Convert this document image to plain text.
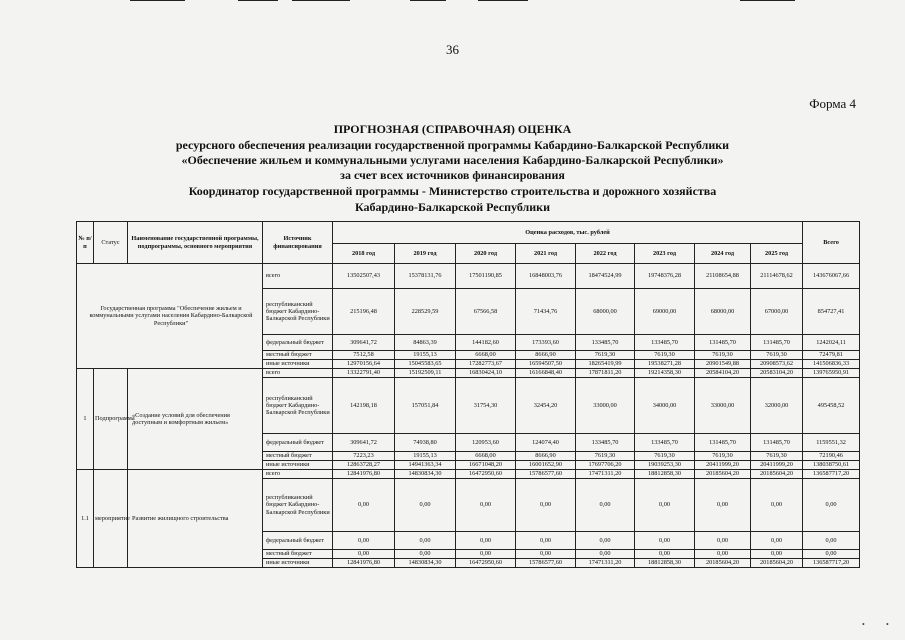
36
Форма 4
ПРОГНОЗНАЯ (СПРАВОЧНАЯ) ОЦЕНКА
ресурсного обеспечения реализации государственной программы Кабардино-Балкарской Республики
«Обеспечение жильем и коммунальными услугами населения Кабардино-Балкарской Республики»
за счет всех источников финансирования
Координатор государственной программы - Министерство строительства и дорожного хозяйства
Кабардино-Балкарской Республики
№ п/п	Статус	Наименование государственной программы, подпрограммы, основного мероприятия	Источник финансирования	Оценка расходов, тыс. рублей								Всего
				2018 год	2019 год	2020 год	2021 год	2022 год	2023 год	2024 год	2025 год	
Государственная программа "Обеспечение жильем и коммунальными услугами населения Кабардино-Балкарской Республики"			всего	13502507,43	15378131,76	17501190,85	16848003,76	18474524,99	19748376,28	21108654,88	21114678,62	143676067,66
			республиканский бюджет Кабардино-Балкарской Республики	215196,48	228529,59	67566,58	71434,76	68000,00	69000,00	68000,00	67000,00	854727,41
			федеральный бюджет	309641,72	84863,39	144182,60	173393,60	133485,70	133485,70	131485,70	131485,70	1242024,11
			местный бюджет	7512,58	19155,13	6668,00	8666,90	7619,30	7619,30	7619,30	7619,30	72479,81
			иные источники	12970156,64	15045583,65	17282773,67	16594507,50	18265419,99	19538271,28	20901549,88	20908573,62	141506836,33
1	Подпрограмма	«Создание условий для обеспечения доступным и комфортным жильем»	всего	13322791,40	15192509,11	16830424,10	16166848,40	17871811,20	19214358,30	20584104,20	20583104,20	139765950,91
			республиканский бюджет Кабардино-Балкарской Республики	142198,18	157051,84	31754,30	32454,20	33000,00	34000,00	33000,00	32000,00	495458,52
			федеральный бюджет	309641,72	74938,80	120953,60	124074,40	133485,70	133485,70	131485,70	131485,70	1159551,32
			местный бюджет	7223,23	19155,13	6668,00	8666,90	7619,30	7619,30	7619,30	7619,30	72190,46
			иные источники	12863728,27	14941363,34	16671048,20	16001652,90	17697706,20	19039253,30	20411999,20	20411999,20	138038750,61
1.1	мероприятие	Развитие жилищного строительства	всего	12841976,80	14830834,30	16472950,60	15786577,60	17471311,20	18812858,30	20185604,20	20185604,20	136587717,20
			республиканский бюджет Кабардино-Балкарской Республики	0,00	0,00	0,00	0,00	0,00	0,00	0,00	0,00	0,00
			федеральный бюджет	0,00	0,00	0,00	0,00	0,00	0,00	0,00	0,00	0,00
			местный бюджет	0,00	0,00	0,00	0,00	0,00	0,00	0,00	0,00	0,00
			иные источники	12841976,80	14830834,30	16472950,60	15786577,60	17471311,20	18812858,30	20185604,20	20185604,20	136587717,20
•	•
